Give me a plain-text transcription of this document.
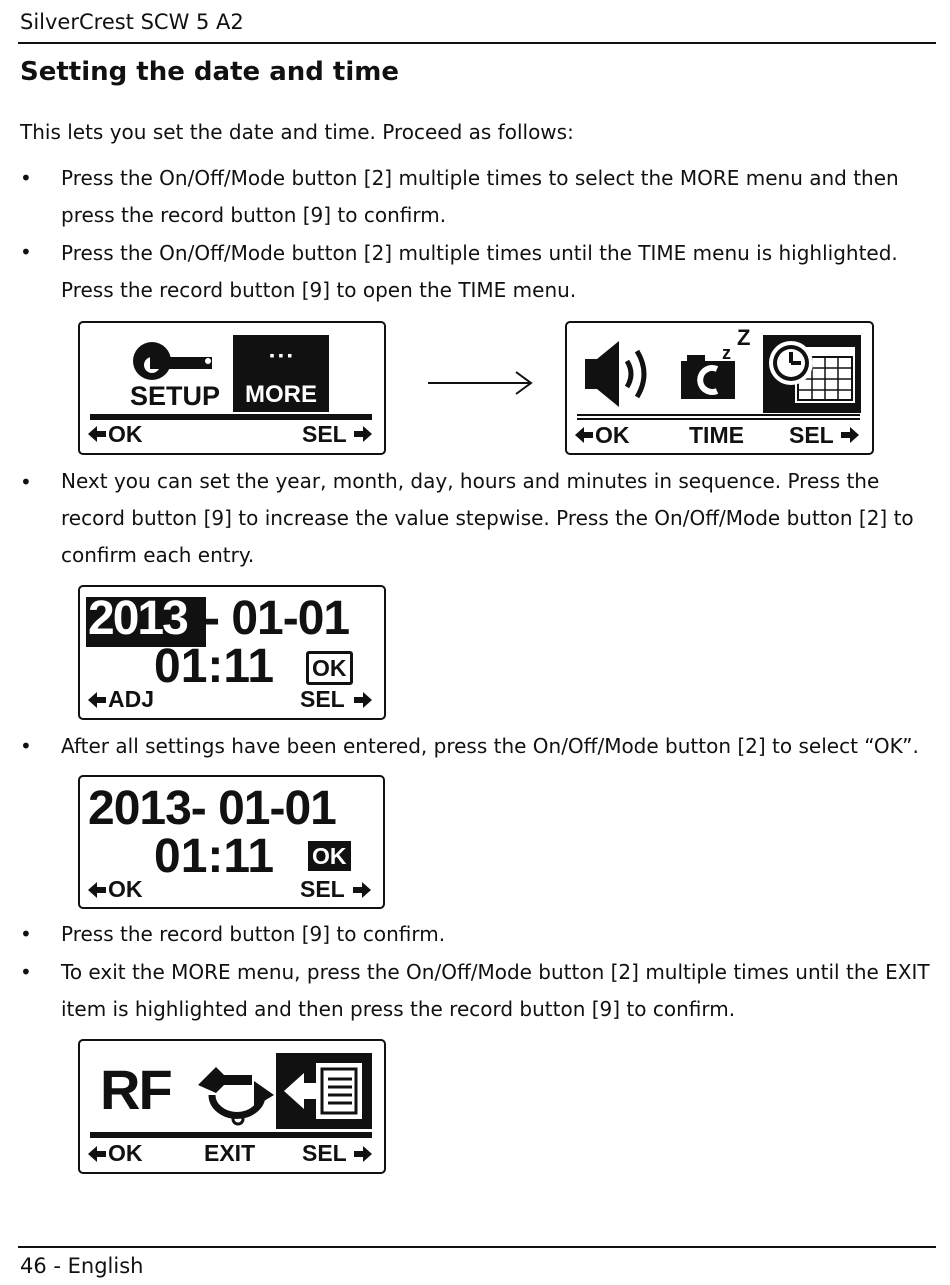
SilverCrest SCW 5 A2
Setting the date and time
This lets you set the date and time. Proceed as follows:
• Press the On/Off/Mode button [2] multiple times to select the MORE menu and then press the record button [9] to confirm.
• Press the On/Off/Mode button [2] multiple times until the TIME menu is highlighted. Press the record button [9] to open the TIME menu.
SETUP
▪ ▪ ▪
MORE
OK	SEL
z
Z
OK	TIME SEL
• Next you can set the year, month, day, hours and minutes in sequence. Press the record button [9] to increase the value stepwise. Press the On/Off/Mode button [2] to confirm each entry.
2013 - 01-01
01:11 OK
ADJ	SEL
• After all settings have been entered, press the On/Off/Mode button [2] to select “OK”.
2013- 01-01
01:11 OK
OK	SEL
• Press the record button [9] to confirm.
• To exit the MORE menu, press the On/Off/Mode button [2] multiple times until the EXIT item is highlighted and then press the record button [9] to confirm.
RF
OK	EXIT SEL
46 - English
